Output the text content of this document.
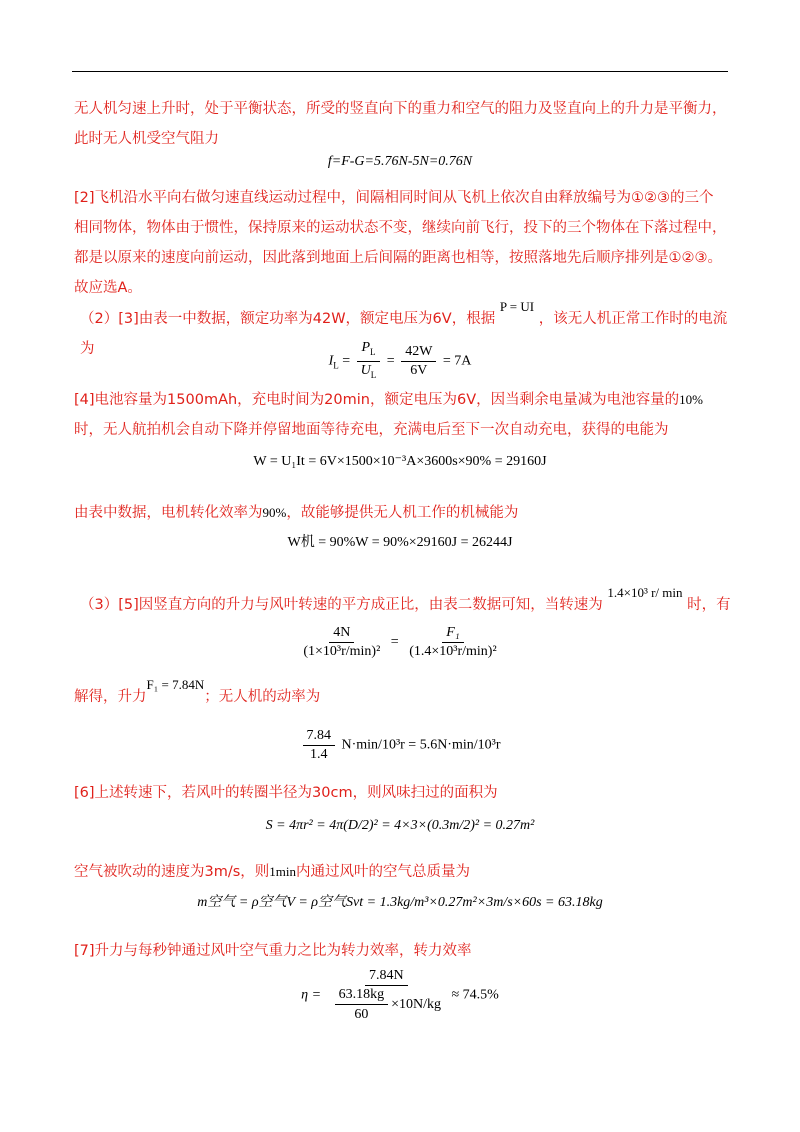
无人机匀速上升时，处于平衡状态，所受的竖直向下的重力和空气的阻力及竖直向上的升力是平衡力，此时无人机受空气阻力
f=F-G=5.76N-5N=0.76N
[2]飞机沿水平向右做匀速直线运动过程中，间隔相同时间从飞机上依次自由释放编号为①②③的三个相同物体，物体由于惯性，保持原来的运动状态不变，继续向前飞行，投下的三个物体在下落过程中，都是以原来的速度向前运动，因此落到地面上后间隔的距离也相等，按照落地先后顺序排列是①②③。故应选A。
（2）[3]由表一中数据，额定功率为42W，额定电压为6V，根据 P = UI ，该无人机正常工作时的电流为
$I_L = \frac{P_L}{U_L} = \frac{42W}{6V} = 7A$
[4]电池容量为1500mAh，充电时间为20min，额定电压为6V，因当剩余电量减为电池容量的10%时，无人航拍机会自动下降并停留地面等待充电，充满电后至下一次自动充电，获得的电能为
W = U₁It = 6V×1500×10⁻³A×3600s×90% = 29160J
由表中数据，电机转化效率为90%，故能够提供无人机工作的机械能为
W机 = 90%W = 90%×29160J = 26244J
（3）[5]因竖直方向的升力与风叶转速的平方成正比，由表二数据可知，当转速为 1.4×10³ r/ min 时，有
$\frac{4N}{\text{(1×10³r/min)²}} = \frac{\text{F₁}}{\text{(1.4×10³r/min)²}}$
解得，升力F₁ = 7.84N；无人机的动率为
$\frac{7.84}{1.4} N\cdot\min/10^3r = 5.6N\cdot\min/10^3r$
[6]上述转速下，若风叶的转圈半径为30cm，则风味扫过的面积为
S = 4πr² = 4π(D/2)² = 4×3×(0.3m/2)² = 0.27m²
空气被吹动的速度为3m/s，则1min内通过风叶的空气总质量为
m空气 = ρ空气V = ρ空气Svt = 1.3kg/m³×0.27m²×3m/s×60s = 63.18kg
[7]升力与每秒钟通过风叶空气重力之比为转力效率，转力效率
$\eta = \frac{7.84N}{\frac{63.18kg}{60} \times 10N/kg} \approx 74.5\%$
